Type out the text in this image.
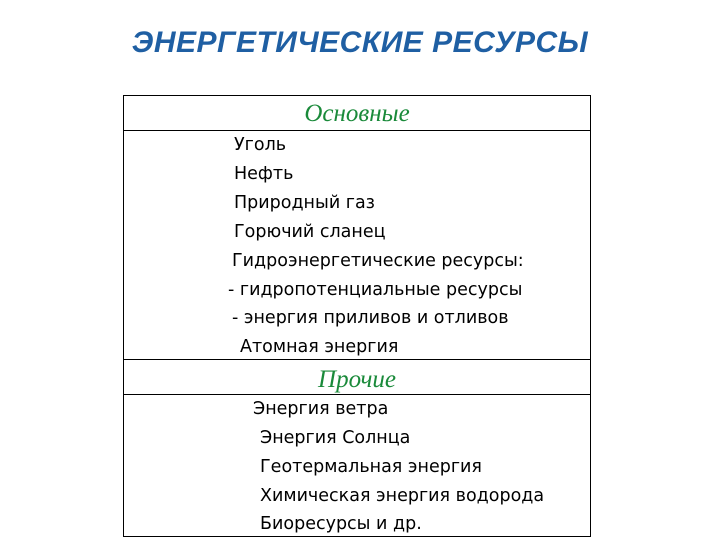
ЭНЕРГЕТИЧЕСКИЕ РЕСУРСЫ
Основные
Уголь
Нефть
Природный газ
Горючий сланец
Гидроэнергетические ресурсы:
- гидропотенциальные ресурсы
- энергия приливов и отливов
Атомная энергия
Прочие
Энергия ветра
Энергия Солнца
Геотермальная энергия
Химическая энергия водорода
Биоресурсы и др.
